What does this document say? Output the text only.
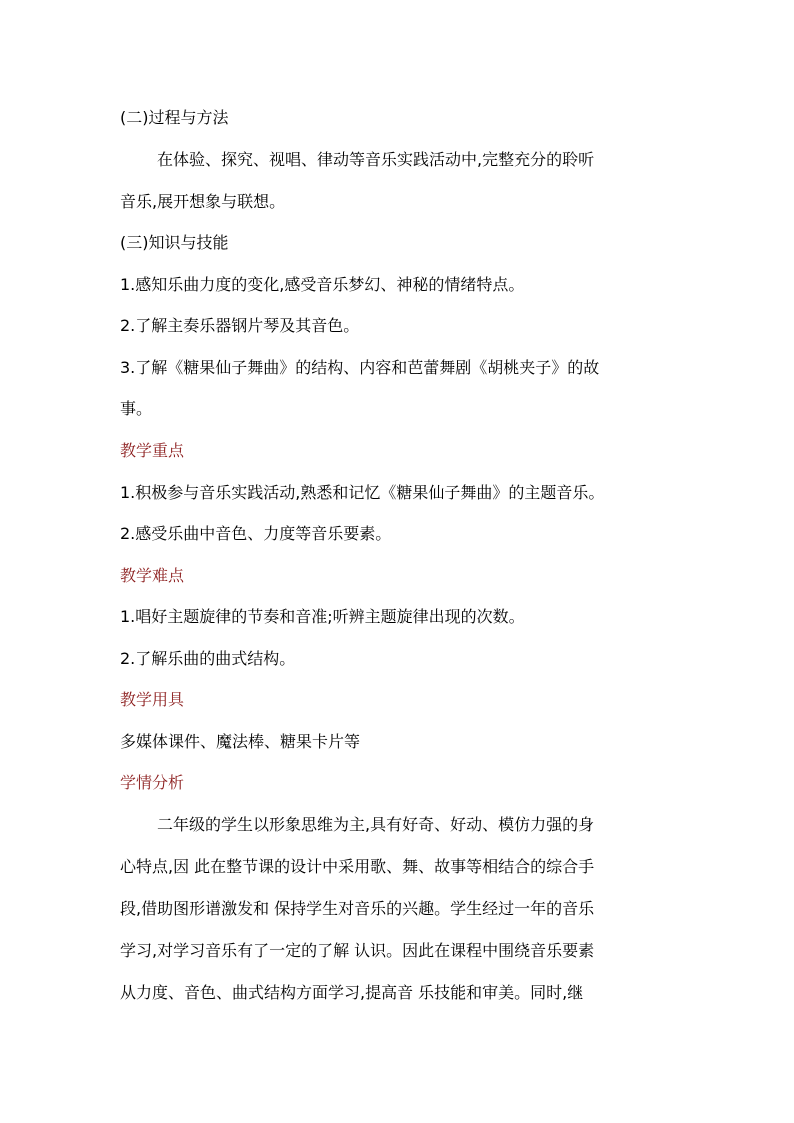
(二)过程与方法
在体验、探究、视唱、律动等音乐实践活动中,完整充分的聆听
音乐,展开想象与联想。
(三)知识与技能
1.感知乐曲力度的变化,感受音乐梦幻、神秘的情绪特点。
2.了解主奏乐器钢片琴及其音色。
3.了解《糖果仙子舞曲》的结构、内容和芭蕾舞剧《胡桃夹子》的故
事。
教学重点
1.积极参与音乐实践活动,熟悉和记忆《糖果仙子舞曲》的主题音乐。
2.感受乐曲中音色、力度等音乐要素。
教学难点
1.唱好主题旋律的节奏和音准;听辨主题旋律出现的次数。
2.了解乐曲的曲式结构。
教学用具
多媒体课件、魔法棒、糖果卡片等
学情分析
二年级的学生以形象思维为主,具有好奇、好动、模仿力强的身
心特点,因 此在整节课的设计中采用歌、舞、故事等相结合的综合手
段,借助图形谱激发和 保持学生对音乐的兴趣。学生经过一年的音乐
学习,对学习音乐有了一定的了解 认识。因此在课程中围绕音乐要素
从力度、音色、曲式结构方面学习,提高音 乐技能和审美。同时,继
